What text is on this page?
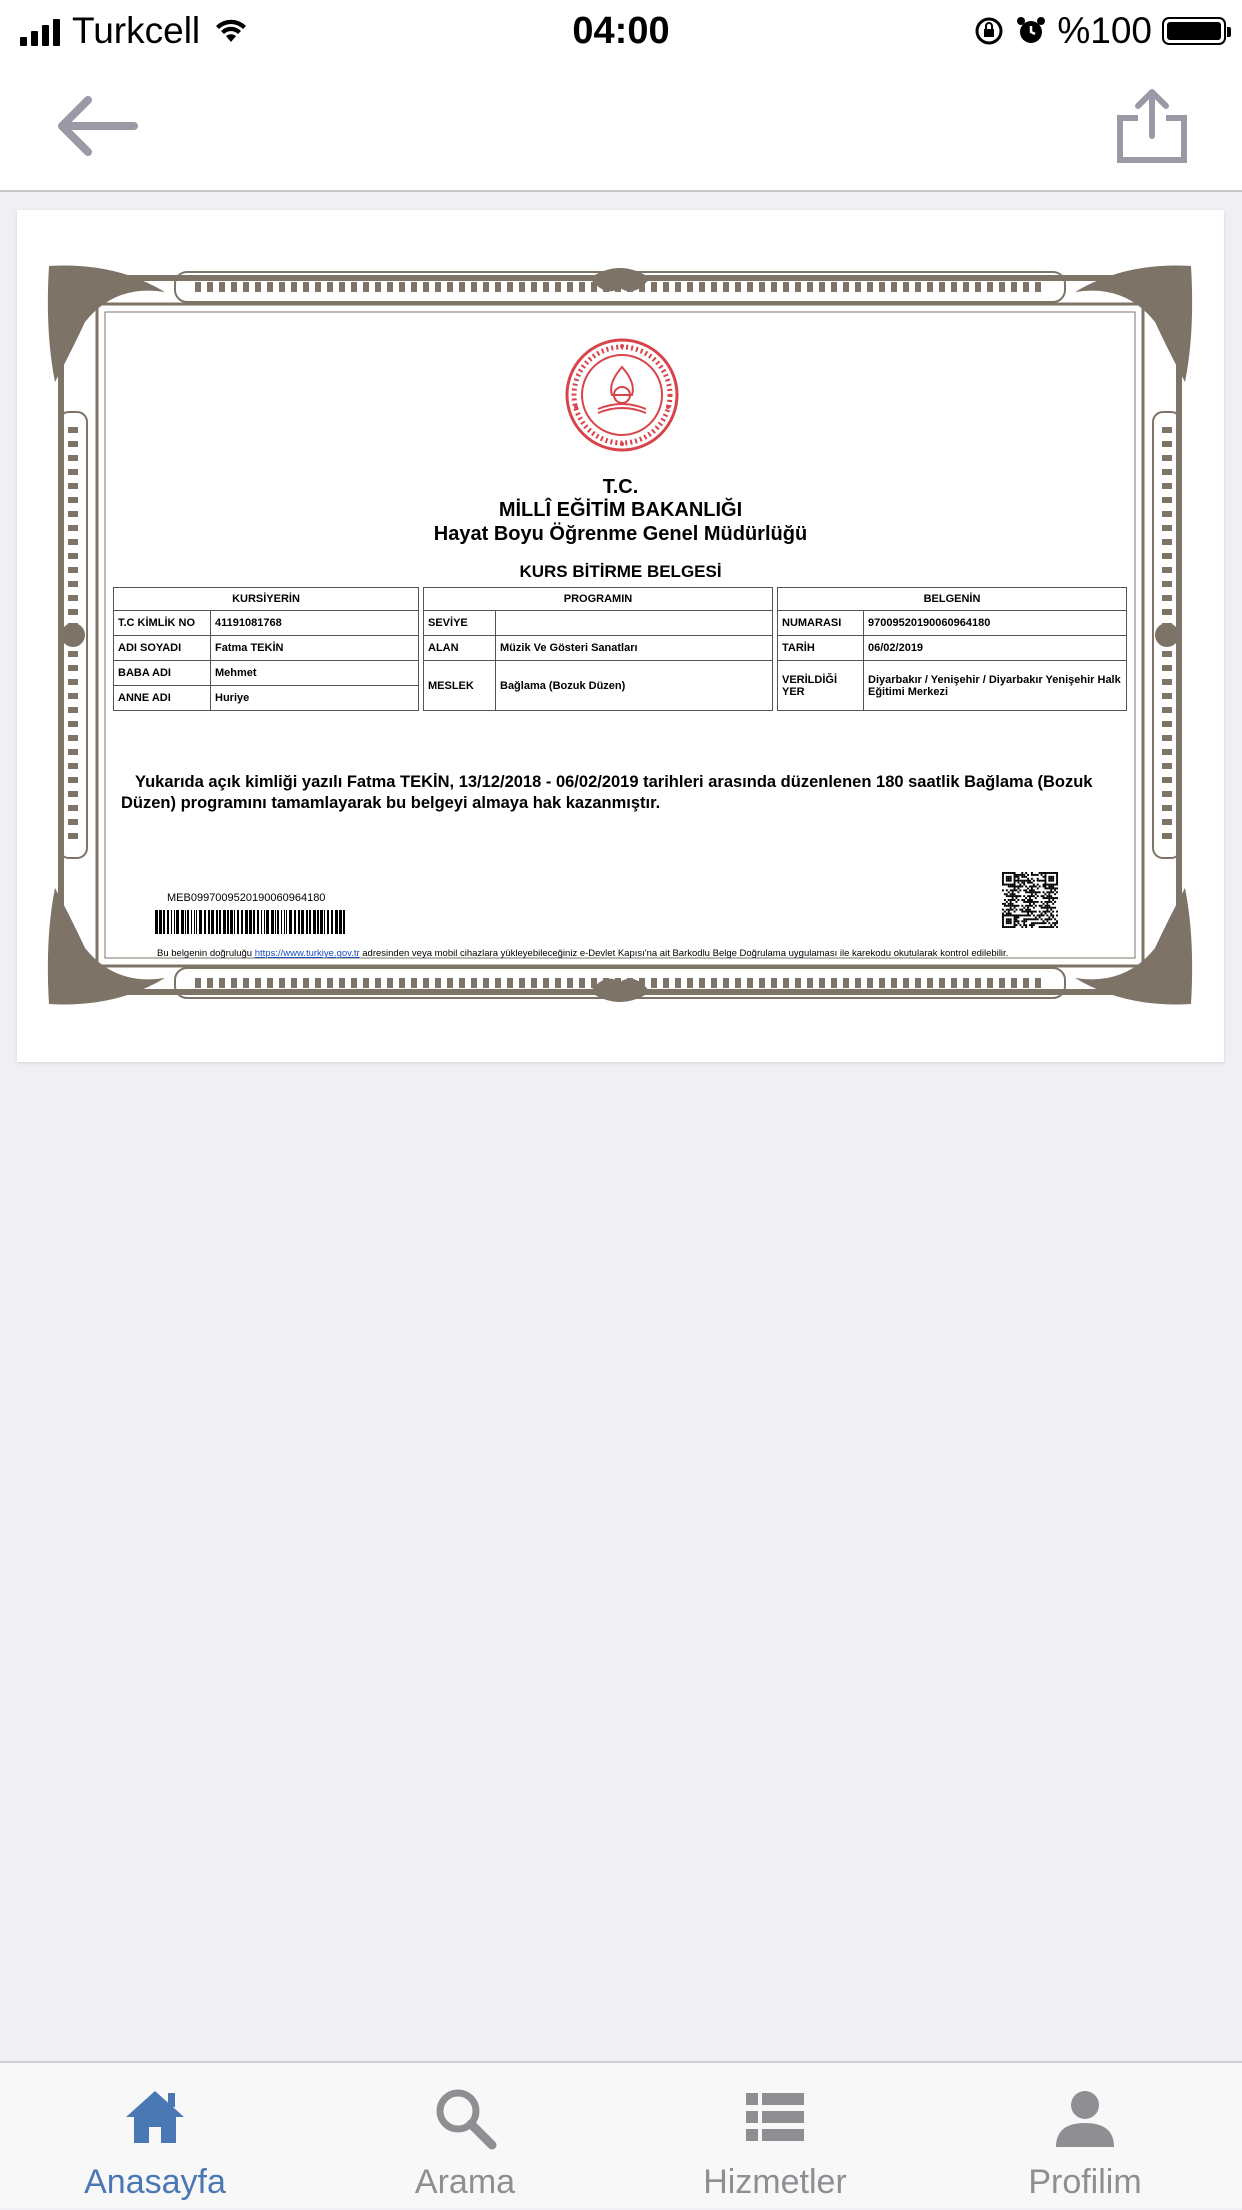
Turkcell	04:00	%100
T.C.
MİLLÎ EĞİTİM BAKANLIĞI
Hayat Boyu Öğrenme Genel Müdürlüğü
KURS BİTİRME BELGESİ
KURSİYERİN	
T.C KİMLİK NO	41191081768
ADI SOYADI	Fatma TEKİN
BABA ADI	Mehmet
ANNE ADI	Huriye
PROGRAMIN	
SEVİYE	
ALAN	Müzik Ve Gösteri Sanatları
MESLEK	Bağlama (Bozuk Düzen)
BELGENİN	
NUMARASI	97009520190060964180
TARİH	06/02/2019
VERİLDİĞİ YER	Diyarbakır / Yenişehir / Diyarbakır Yenişehir Halk Eğitimi Merkezi
Yukarıda açık kimliği yazılı Fatma TEKİN, 13/12/2018 - 06/02/2019 tarihleri arasında düzenlenen 180 saatlik Bağlama (Bozuk Düzen) programını tamamlayarak bu belgeyi almaya hak kazanmıştır.
MEB0997009520190060964180
Bu belgenin doğruluğu https://www.turkiye.gov.tr adresinden veya mobil cihazlara yükleyebileceğiniz e-Devlet Kapısı'na ait Barkodlu Belge Doğrulama uygulaması ile karekodu okutularak kontrol edilebilir.
Anasayfa	Arama	Hizmetler	Profilim
